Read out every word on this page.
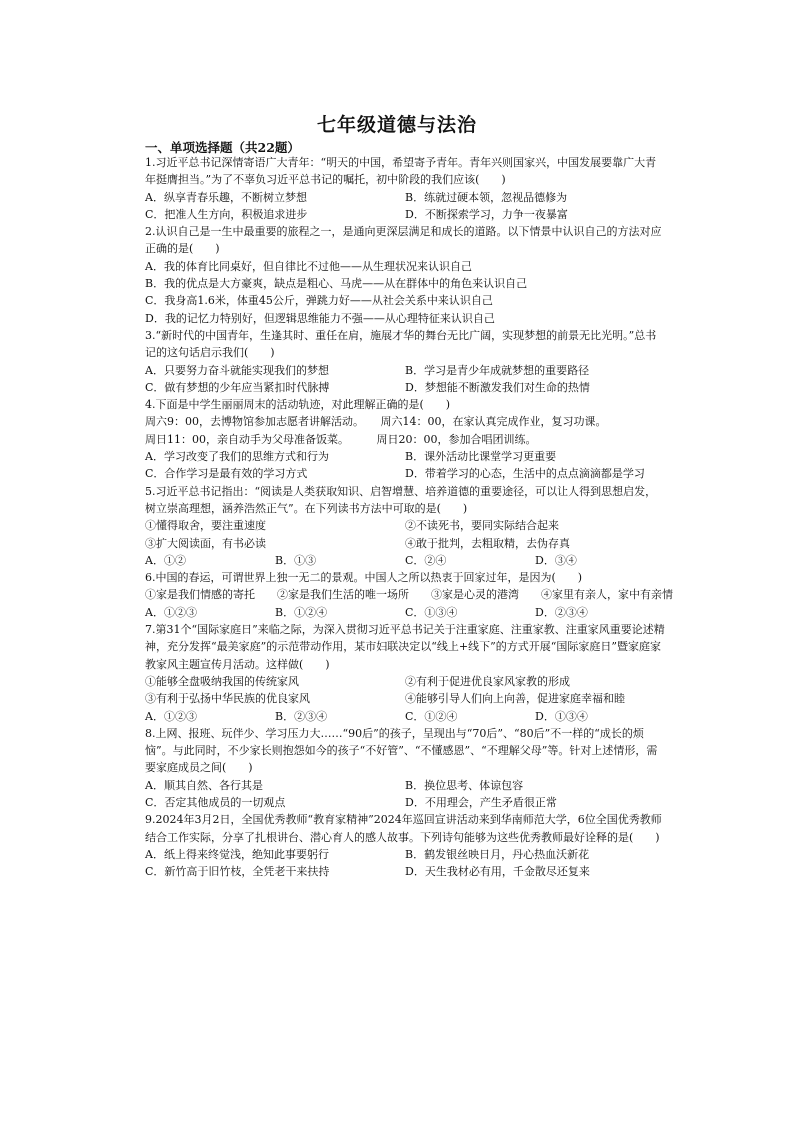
七年级道德与法治
一、单项选择题（共22题）
1.习近平总书记深情寄语广大青年：“明天的中国，希望寄予青年。青年兴则国家兴，中国发展要靠广大青年挺膺担当。”为了不辜负习近平总书记的嘱托，初中阶段的我们应该(　　)
A．纵享青春乐趣，不断树立梦想	B．练就过硬本领，忽视品德修为
C．把准人生方向，积极追求进步	D．不断探索学习，力争一夜暴富
2.认识自己是一生中最重要的旅程之一，是通向更深层满足和成长的道路。以下情景中认识自己的方法对应正确的是(　　)
A．我的体育比同桌好，但自律比不过他——从生理状况来认识自己
B．我的优点是大方豪爽，缺点是粗心、马虎——从在群体中的角色来认识自己
C．我身高1.6米，体重45公斤，弹跳力好——从社会关系中来认识自己
D．我的记忆力特别好，但逻辑思维能力不强——从心理特征来认识自己
3.“新时代的中国青年，生逢其时、重任在肩，施展才华的舞台无比广阔，实现梦想的前景无比光明。”总书记的这句话启示我们(　　)
A．只要努力奋斗就能实现我们的梦想	B．学习是青少年成就梦想的重要路径
C．做有梦想的少年应当紧扣时代脉搏	D．梦想能不断激发我们对生命的热情
4.下面是中学生丽丽周末的活动轨迹，对此理解正确的是(　　)
周六9：00，去博物馆参加志愿者讲解活动。　　周六14：00，在家认真完成作业，复习功课。
周日11：00，亲自动手为父母准备饭菜。　　　周日20：00，参加合唱团训练。
A．学习改变了我们的思维方式和行为	B．课外活动比课堂学习更重要
C．合作学习是最有效的学习方式	D．带着学习的心态，生活中的点点滴滴都是学习
5.习近平总书记指出：“阅读是人类获取知识、启智增慧、培养道德的重要途径，可以让人得到思想启发，树立崇高理想，涵养浩然正气”。在下列读书方法中可取的是(　　)
①懂得取舍，要注重速度	②不读死书，要同实际结合起来
③扩大阅读面，有书必读	④敢于批判，去粗取精，去伪存真
A．①②	B．①③	C．②④	D．③④
6.中国的春运，可谓世界上独一无二的景观。中国人之所以热衷于回家过年，是因为(　　)
①家是我们情感的寄托　　②家是我们生活的唯一场所　　③家是心灵的港湾　　④家里有亲人，家中有亲情
A．①②③	B．①②④	C．①③④	D．②③④
7.第31个“国际家庭日”来临之际，为深入贯彻习近平总书记关于注重家庭、注重家教、注重家风重要论述精神，充分发挥“最美家庭”的示范带动作用，某市妇联决定以“线上+线下”的方式开展“国际家庭日”暨家庭家教家风主题宣传月活动。这样做(　　)
①能够全盘吸纳我国的传统家风	②有利于促进优良家风家教的形成
③有利于弘扬中华民族的优良家风	④能够引导人们向上向善，促进家庭幸福和睦
A．①②③	B．②③④	C．①②④	D．①③④
8.上网、报班、玩伴少、学习压力大……“90后”的孩子，呈现出与“70后”、“80后”不一样的“成长的烦恼”。与此同时，不少家长则抱怨如今的孩子“不好管”、“不懂感恩”、“不理解父母”等。针对上述情形，需要家庭成员之间(　　)
A．顺其自然、各行其是	B．换位思考、体谅包容
C．否定其他成员的一切观点	D．不用理会，产生矛盾很正常
9.2024年3月2日，全国优秀教师“教育家精神”2024年巡回宣讲活动来到华南师范大学，6位全国优秀教师结合工作实际，分享了扎根讲台、潜心育人的感人故事。下列诗句能够为这些优秀教师最好诠释的是(　　)
A．纸上得来终觉浅，绝知此事要躬行	B．鹤发银丝映日月，丹心热血沃新花
C．新竹高于旧竹枝，全凭老干来扶持	D．天生我材必有用，千金散尽还复来
